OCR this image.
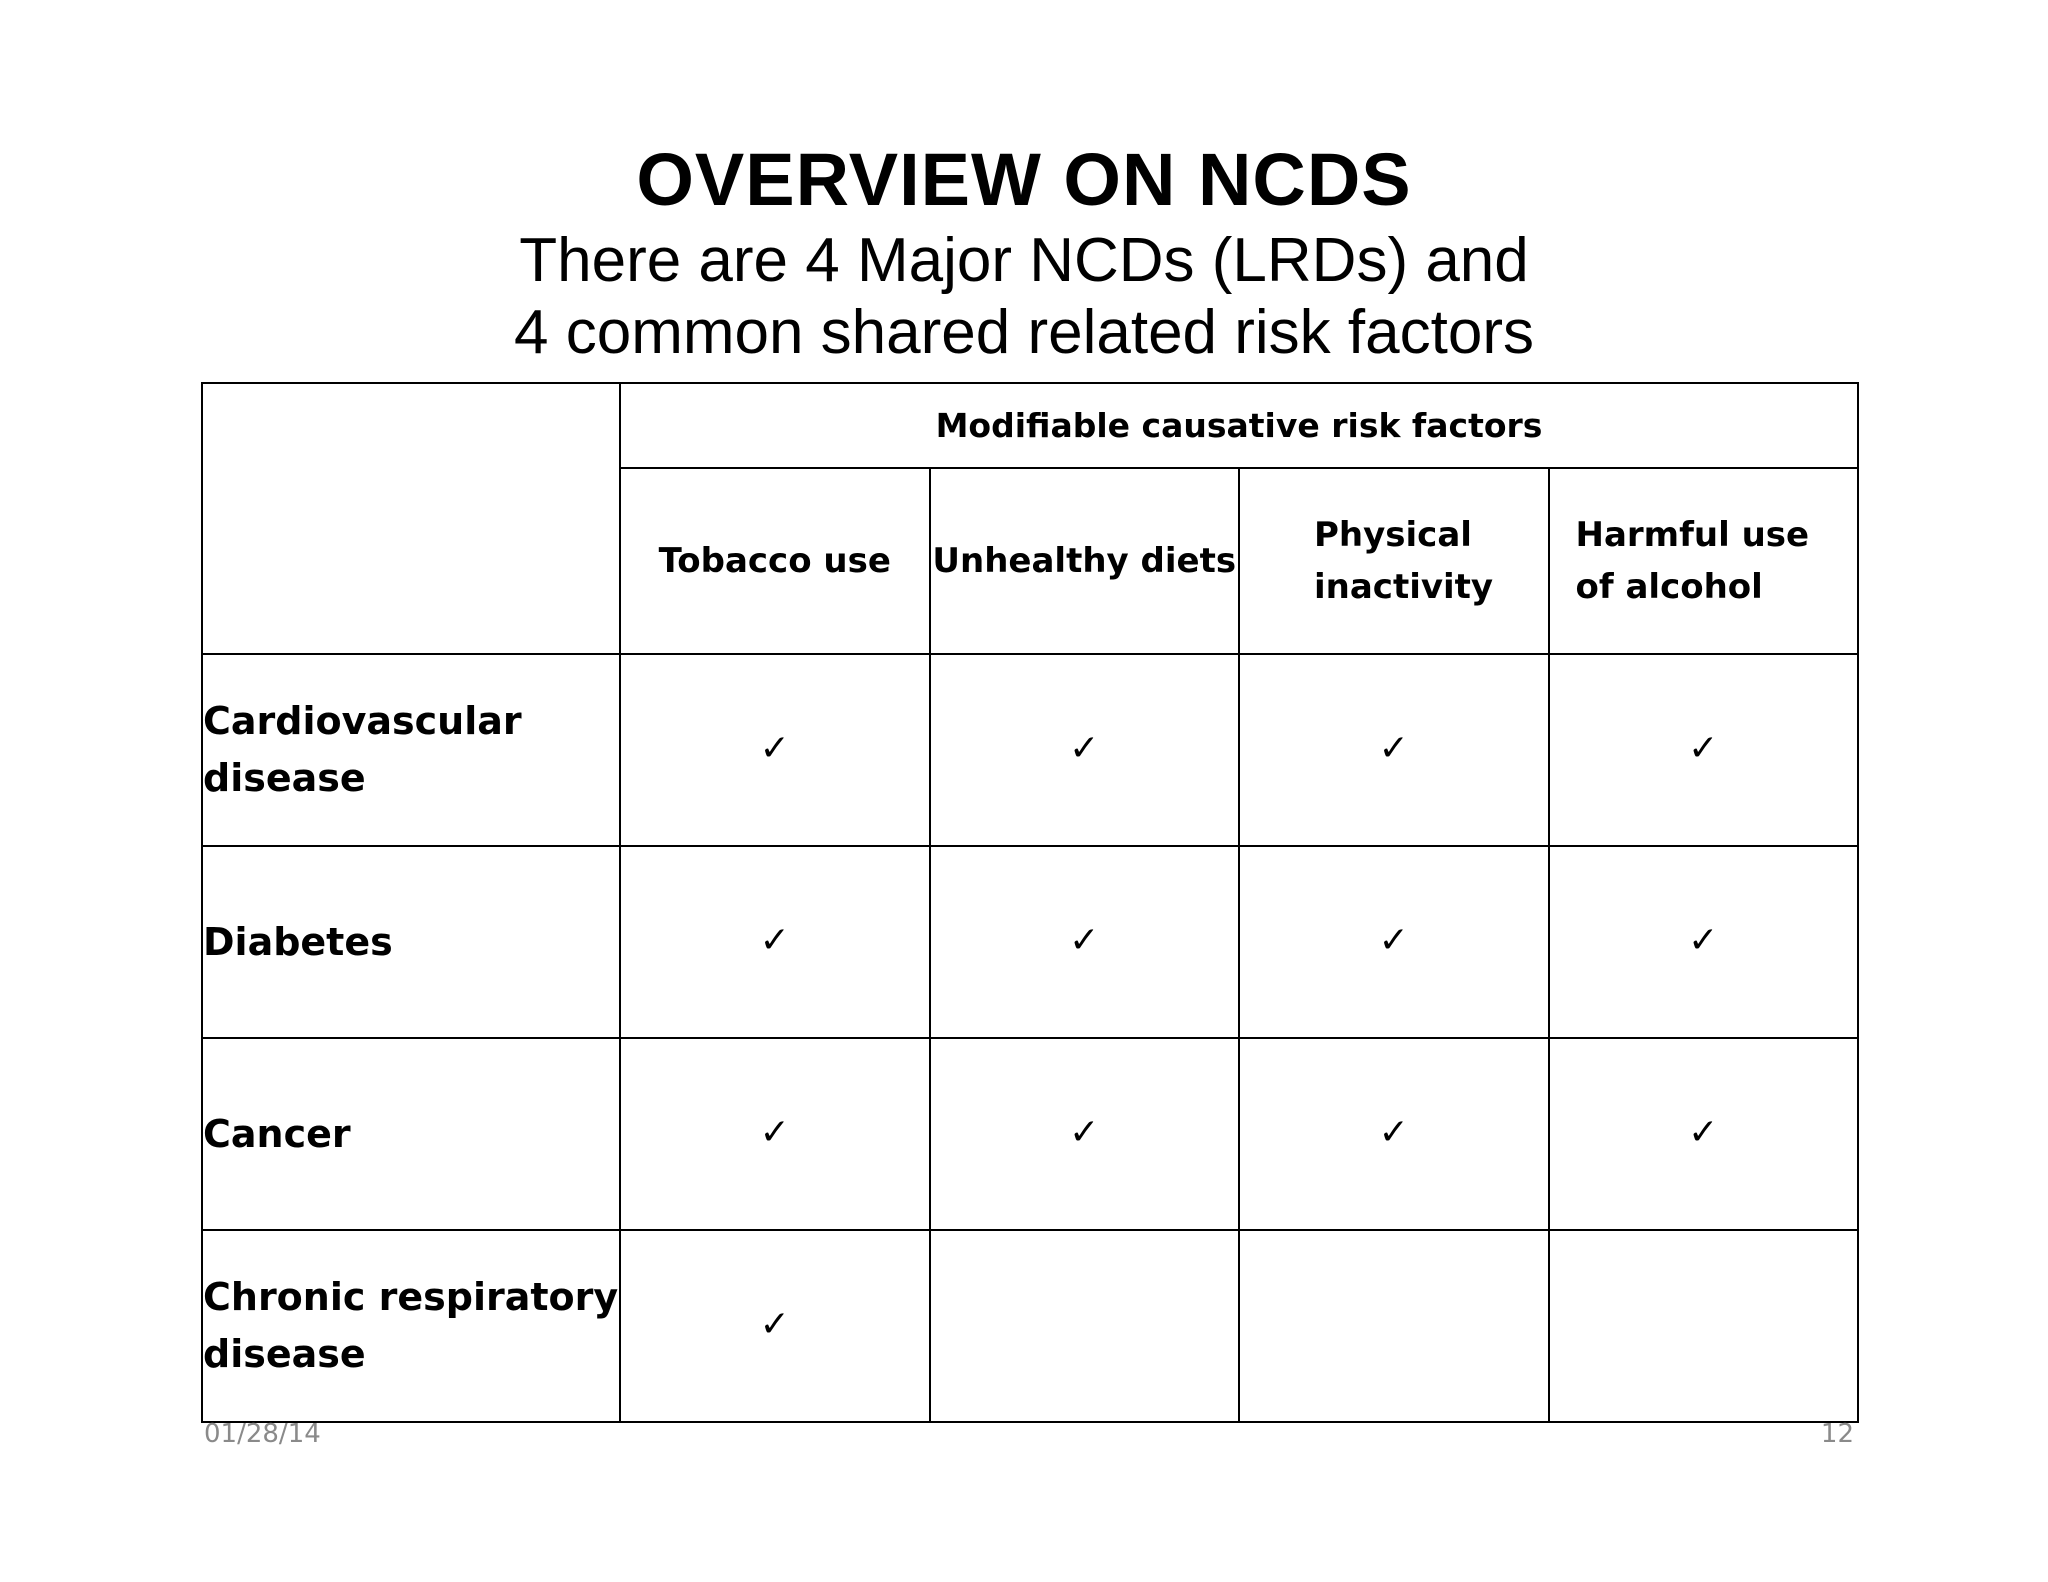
OVERVIEW ON NCDS
There are 4 Major NCDs (LRDs) and
4 common shared related risk factors
	Modifiable causative risk factors			
	Tobacco use	Unhealthy diets	Physical inactivity	Harmful use of alcohol
Cardiovascular disease	✓	✓	✓	✓
Diabetes	✓	✓	✓	✓
Cancer	✓	✓	✓	✓
Chronic respiratory disease	✓			
01/28/14	12
